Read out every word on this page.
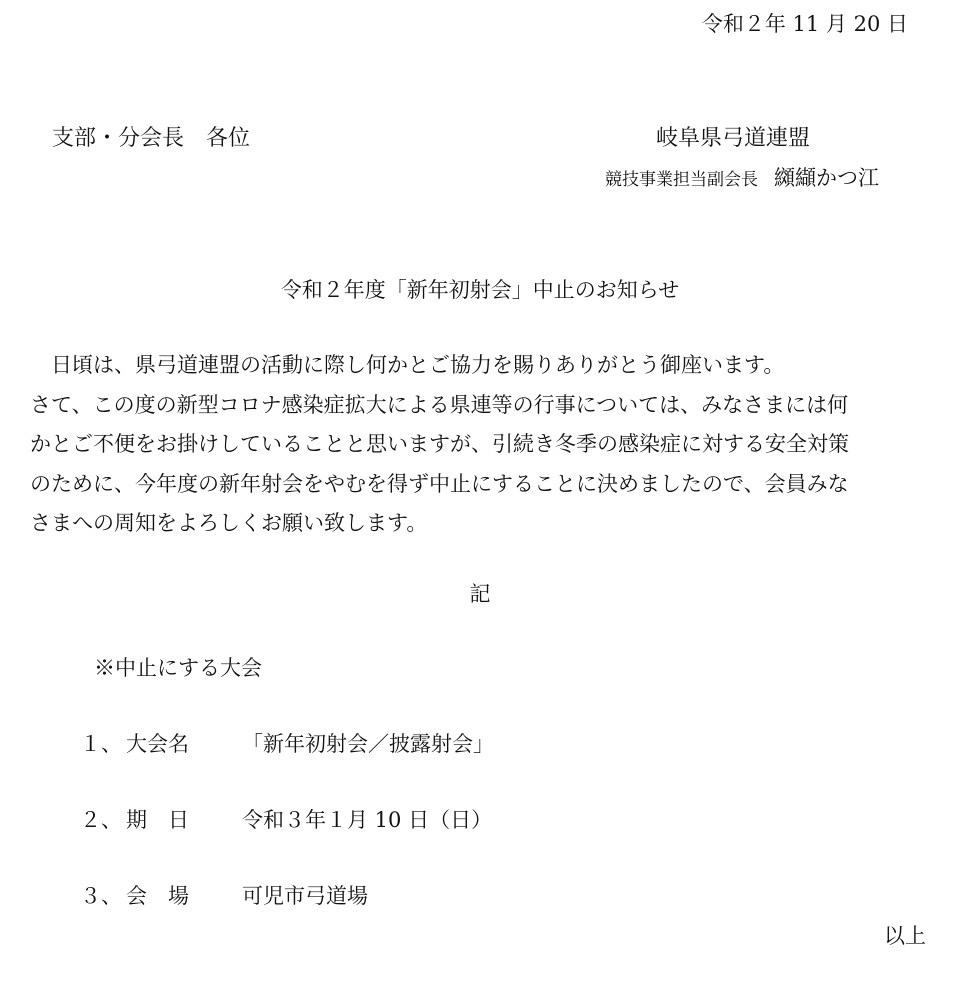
令和２年 11 月 20 日
支部・分会長　各位	岐阜県弓道連盟
競技事業担当副会長 纐纈かつ江
令和２年度「新年初射会」中止のお知らせ

　日頃は、県弓道連盟の活動に際し何かとご協力を賜りありがとう御座います。

さて、この度の新型コロナ感染症拡大による県連等の行事については、みなさまには何

かとご不便をお掛けしていることと思いますが、引続き冬季の感染症に対する安全対策

のために、今年度の新年射会をやむを得ず中止にすることに決めましたので、会員みな

さまへの周知をよろしくお願い致します。

記
※中止にする大会
１、 大会名	「新年初射会／披露射会」
２、 期　日	令和３年１月 10 日（日）
３、 会　場	可児市弓道場
以上
